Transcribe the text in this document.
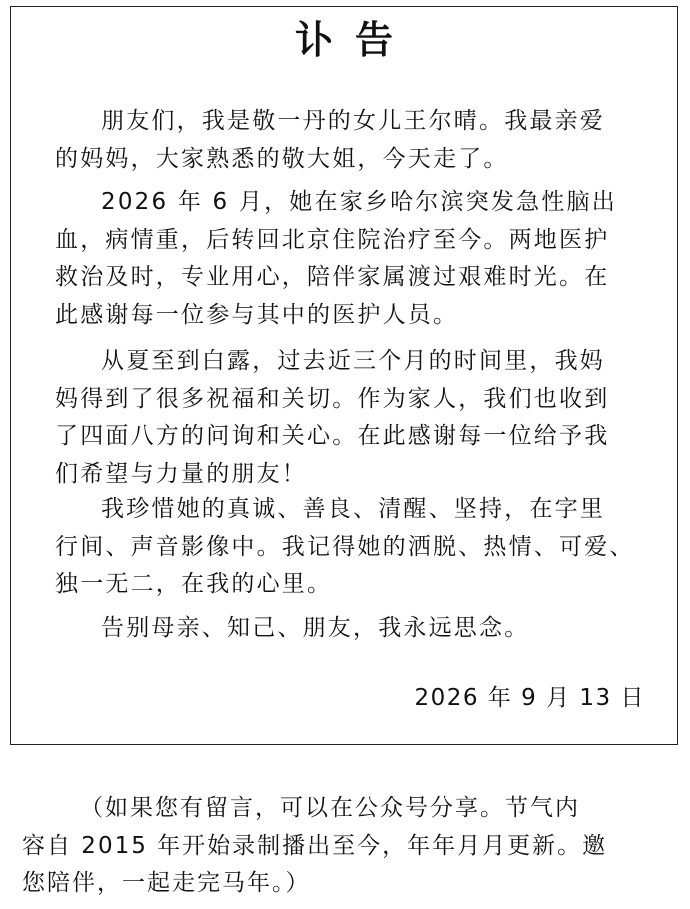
讣告

朋友们，我是敬一丹的女儿王尔晴。我最亲爱
的妈妈，大家熟悉的敬大姐，今天走了。

2026 年 6 月，她在家乡哈尔滨突发急性脑出
血，病情重，后转回北京住院治疗至今。两地医护
救治及时，专业用心，陪伴家属渡过艰难时光。在
此感谢每一位参与其中的医护人员。

从夏至到白露，过去近三个月的时间里，我妈
妈得到了很多祝福和关切。作为家人，我们也收到
了四面八方的问询和关心。在此感谢每一位给予我
们希望与力量的朋友！

我珍惜她的真诚、善良、清醒、坚持，在字里
行间、声音影像中。我记得她的洒脱、热情、可爱、
独一无二，在我的心里。

告别母亲、知己、朋友，我永远思念。

2026 年 9 月 13 日

（如果您有留言，可以在公众号分享。节气内
容自 2015 年开始录制播出至今，年年月月更新。邀
您陪伴，一起走完马年。）
